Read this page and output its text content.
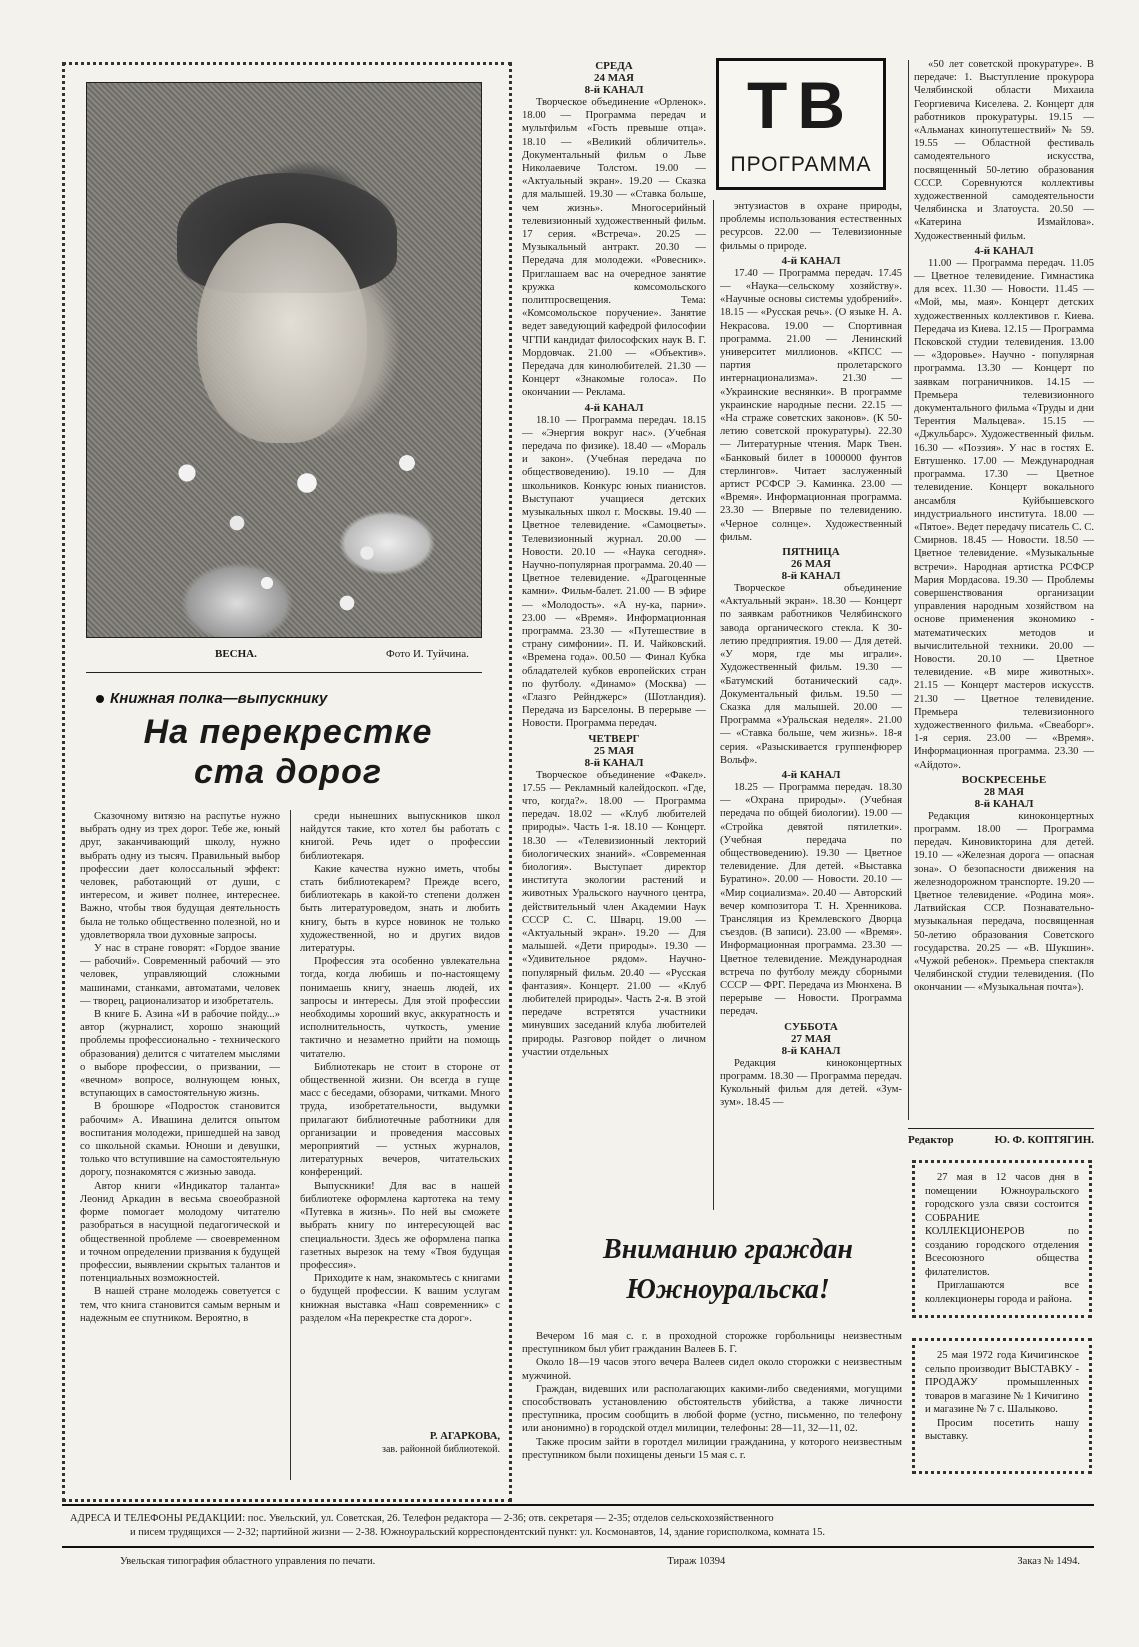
ВЕСНА.	Фото И. Туйчина.
Книжная полка—выпускнику
На перекрестке
ста дорог

Сказочному витязю на распутье нужно выбрать одну из трех дорог. Тебе же, юный друг, заканчивающий школу, нужно выбрать одну из тысяч. Правильный выбор профессии дает колоссальный эффект: человек, работающий от души, с интересом, и живет полнее, интереснее. Важно, чтобы твоя будущая деятельность была не только общественно полезной, но и удовлетворяла твои духовные запросы.

У нас в стране говорят: «Гордое звание — рабочий». Современный рабочий — это человек, управляющий сложными машинами, станками, автоматами, человек — творец, рационализатор и изобретатель.

В книге Б. Азина «И в рабочие пойду...» автор (журналист, хорошо знающий проблемы профессионально - технического образования) делится с читателем мыслями о выборе профессии, о призвании, — «вечном» вопросе, волнующем юных, вступающих в самостоятельную жизнь.

В брошюре «Подросток становится рабочим» А. Ивашина делится опытом воспитания молодежи, пришедшей на завод со школьной скамьи. Юноши и девушки, только что вступившие на самостоятельную дорогу, познакомятся с жизнью завода.

Автор книги «Индикатор таланта» Леонид Аркадин в весьма своеобразной форме помогает молодому читателю разобраться в насущной педагогической и общественной проблеме — своевременном и точном определении призвания к будущей профессии, выявлении скрытых талантов и потенциальных возможностей.

В нашей стране молодежь советуется с тем, что книга становится самым верным и надежным ее спутником. Вероятно, в

среди нынешних выпускников школ найдутся такие, кто хотел бы работать с книгой. Речь идет о профессии библиотекаря.

Какие качества нужно иметь, чтобы стать библиотекарем? Прежде всего, библиотекарь в какой-то степени должен быть литературоведом, знать и любить книгу, быть в курсе новинок не только художественной, но и других видов литературы.

Профессия эта особенно увлекательна тогда, когда любишь и по-настоящему понимаешь книгу, знаешь людей, их запросы и интересы. Для этой профессии необходимы хороший вкус, аккуратность и исполнительность, чуткость, умение тактично и незаметно прийти на помощь читателю.

Библиотекарь не стоит в стороне от общественной жизни. Он всегда в гуще масс с беседами, обзорами, читками. Много труда, изобретательности, выдумки прилагают библиотечные работники для организации и проведения массовых мероприятий — устных журналов, литературных вечеров, читательских конференций.

Выпускники! Для вас в нашей библиотеке оформлена картотека на тему «Путевка в жизнь». По ней вы сможете выбрать книгу по интересующей вас специальности. Здесь же оформлена папка газетных вырезок на тему «Твоя будущая профессия».

Приходите к нам, знакомьтесь с книгами о будущей профессии. К вашим услугам книжная выставка «Наш современник» с разделом «На перекрестке ста дорог».

Р. АГАРКОВА,
зав. районной библиотекой.
ТВ
ПРОГРАММА
СРЕДА
24 МАЯ
8-й КАНАЛ

Творческое объединение «Орленок». 18.00 — Программа передач и мультфильм «Гость превыше отца». 18.10 — «Великий обличитель». Документальный фильм о Льве Николаевиче Толстом. 19.00 — «Актуальный экран». 19.20 — Сказка для малышей. 19.30 — «Ставка больше, чем жизнь». Многосерийный телевизионный художественный фильм. 17 серия. «Встреча». 20.25 — Музыкальный антракт. 20.30 — Передача для молодежи. «Ровесник». Приглашаем вас на очередное занятие кружка комсомольского политпросвещения. Тема: «Комсомольское поручение». Занятие ведет заведующий кафедрой философии ЧГПИ кандидат философских наук В. Г. Мордовчак. 21.00 — «Объектив». Передача для кинолюбителей. 21.30 — Концерт «Знакомые голоса». По окончании — Реклама.

4-й КАНАЛ

18.10 — Программа передач. 18.15 — «Энергия вокруг нас». (Учебная передача по физике). 18.40 — «Мораль и закон». (Учебная передача по обществоведению). 19.10 — Для школьников. Конкурс юных пианистов. Выступают учащиеся детских музыкальных школ г. Москвы. 19.40 — Цветное телевидение. «Самоцветы». Телевизионный журнал. 20.00 — Новости. 20.10 — «Наука сегодня». Научно-популярная программа. 20.40 — Цветное телевидение. «Драгоценные камни». Фильм-балет. 21.00 — В эфире — «Молодость». «А ну-ка, парни». 23.00 — «Время». Информационная программа. 23.30 — «Путешествие в страну симфонии». П. И. Чайковский. «Времена года». 00.50 — Финал Кубка обладателей кубков европейских стран по футболу. «Динамо» (Москва) — «Глазго Рейнджерс» (Шотландия). Передача из Барселоны. В перерыве — Новости. Программа передач.

ЧЕТВЕРГ
25 МАЯ
8-й КАНАЛ

Творческое объединение «Факел». 17.55 — Рекламный калейдоскоп. «Где, что, когда?». 18.00 — Программа передач. 18.02 — «Клуб любителей природы». Часть 1-я. 18.10 — Концерт. 18.30 — «Телевизионный лекторий биологических знаний». «Современная биология». Выступает директор института экологии растений и животных Уральского научного центра, действительный член Академии Наук СССР С. С. Шварц. 19.00 — «Актуальный экран». 19.20 — Для малышей. «Дети природы». 19.30 — «Удивительное рядом». Научно-популярный фильм. 20.40 — «Русская фантазия». Концерт. 21.00 — «Клуб любителей природы». Часть 2-я. В этой передаче встретятся участники минувших заседаний клуба любителей природы. Разговор пойдет о личном участии отдельных

энтузиастов в охране природы, проблемы использования естественных ресурсов. 22.00 — Телевизионные фильмы о природе.

4-й КАНАЛ

17.40 — Программа передач. 17.45 — «Наука—сельскому хозяйству». «Научные основы системы удобрений». 18.15 — «Русская речь». (О языке Н. А. Некрасова. 19.00 — Спортивная программа. 21.00 — Ленинский университет миллионов. «КПСС — партия пролетарского интернационализма». 21.30 — «Украинские веснянки». В программе украинские народные песни. 22.15 — «На страже советских законов». (К 50-летию советской прокуратуры). 22.30 — Литературные чтения. Марк Твен. «Банковый билет в 1000000 фунтов стерлингов». Читает заслуженный артист РСФСР Э. Каминка. 23.00 — «Время». Информационная программа. 23.30 — Впервые по телевидению. «Черное солнце». Художественный фильм.

ПЯТНИЦА
26 МАЯ
8-й КАНАЛ

Творческое объединение «Актуальный экран». 18.30 — Концерт по заявкам работников Челябинского завода органического стекла. К 30-летию предприятия. 19.00 — Для детей. «У моря, где мы играли». Художественный фильм. 19.30 — «Батумский ботанический сад». Документальный фильм. 19.50 — Сказка для малышей. 20.00 — Программа «Уральская неделя». 21.00 — «Ставка больше, чем жизнь». 18-я серия. «Разыскивается группенфюрер Вольф».

4-й КАНАЛ

18.25 — Программа передач. 18.30 — «Охрана природы». (Учебная передача по общей биологии). 19.00 — «Стройка девятой пятилетки». (Учебная передача по обществоведению). 19.30 — Цветное телевидение. Для детей. «Выставка Буратино». 20.00 — Новости. 20.10 — «Мир социализма». 20.40 — Авторский вечер композитора Т. Н. Хренникова. Трансляция из Кремлевского Дворца съездов. (В записи). 23.00 — «Время». Информационная программа. 23.30 — Цветное телевидение. Международная встреча по футболу между сборными СССР — ФРГ. Передача из Мюнхена. В перерыве — Новости. Программа передач.

СУББОТА
27 МАЯ
8-й КАНАЛ

Редакция киноконцертных программ. 18.30 — Программа передач. Кукольный фильм для детей. «Зум-зум». 18.45 —

«50 лет советской прокуратуре». В передаче: 1. Выступление прокурора Челябинской области Михаила Георгиевича Киселева. 2. Концерт для работников прокуратуры. 19.15 — «Альманах кинопутешествий» № 59. 19.55 — Областной фестиваль самодеятельного искусства, посвященный 50-летию образования СССР. Соревнуются коллективы художественной самодеятельности Челябинска и Златоуста. 20.50 — «Катерина Измайлова». Художественный фильм.

4-й КАНАЛ

11.00 — Программа передач. 11.05 — Цветное телевидение. Гимнастика для всех. 11.30 — Новости. 11.45 — «Мой, мы, мая». Концерт детских художественных коллективов г. Киева. Передача из Киева. 12.15 — Программа Псковской студии телевидения. 13.00 — «Здоровье». Научно - популярная программа. 13.30 — Концерт по заявкам пограничников. 14.15 — Премьера телевизионного документального фильма «Труды и дни Терентия Мальцева». 15.15 — «Джульбарс». Художественный фильм. 16.30 — «Поэзия». У нас в гостях Е. Евтушенко. 17.00 — Международная программа. 17.30 — Цветное телевидение. Концерт вокального ансамбля Куйбышевского индустриального института. 18.00 — «Пятое». Ведет передачу писатель С. С. Смирнов. 18.45 — Новости. 18.50 — Цветное телевидение. «Музыкальные встречи». Народная артистка РСФСР Мария Мордасова. 19.30 — Проблемы совершенствования организации управления народным хозяйством на основе применения экономико - математических методов и вычислительной техники. 20.00 — Новости. 20.10 — Цветное телевидение. «В мире животных». 21.15 — Концерт мастеров искусств. 21.30 — Цветное телевидение. Премьера телевизионного художественного фильма. «Свеаборг». 1-я серия. 23.00 — «Время». Информационная программа. 23.30 — «Айдото».

ВОСКРЕСЕНЬЕ
28 МАЯ
8-й КАНАЛ

Редакция киноконцертных программ. 18.00 — Программа передач. Киновикторина для детей. 19.10 — «Железная дорога — опасная зона». О безопасности движения на железнодорожном транспорте. 19.20 — Цветное телевидение. «Родина моя». Латвийская ССР. Познавательно-музыкальная передача, посвященная 50-летию образования Советского государства. 20.25 — «В. Шукшин». «Чужой ребенок». Премьера спектакля Челябинской студии телевидения. (По окончании — «Музыкальная почта»).

Вниманию граждан
Южноуральска!

Вечером 16 мая с. г. в проходной сторожке горбольницы неизвестным преступником был убит гражданин Валеев Б. Г.

Около 18—19 часов этого вечера Валеев сидел около сторожки с неизвестным мужчиной.

Граждан, видевших или располагающих какими-либо сведениями, могущими способствовать установлению обстоятельств убийства, а также личности преступника, просим сообщить в любой форме (устно, письменно, по телефону или анонимно) в городской отдел милиции, телефоны: 28—11, 32—11, 02.

Также просим зайти в горотдел милиции гражданина, у которого неизвестным преступником были похищены деньги 15 мая с. г.

Редактор	Ю. Ф. КОПТЯГИН.

27 мая в 12 часов дня в помещении Южноуральского городского узла связи состоится СОБРАНИЕ КОЛЛЕКЦИОНЕРОВ по созданию городского отделения Всесоюзного общества филателистов.

Приглашаются все коллекционеры города и района.

25 мая 1972 года Кичигинское сельпо производит ВЫСТАВКУ - ПРОДАЖУ промышленных товаров в магазине № 1 Кичигино и магазине № 7 с. Шалыково.

Просим посетить нашу выставку.

АДРЕСА И ТЕЛЕФОНЫ РЕДАКЦИИ: пос. Увельский, ул. Советская, 26. Телефон редактора — 2-36; отв. секретаря — 2-35; отделов сельскохозяйственного
и писем трудящихся — 2-32; партийной жизни — 2-38. Южноуральский корреспондентский пункт: ул. Космонавтов, 14, здание горисполкома, комната 15.
Увельская типография областного управления по печати.	Тираж 10394	Заказ № 1494.
